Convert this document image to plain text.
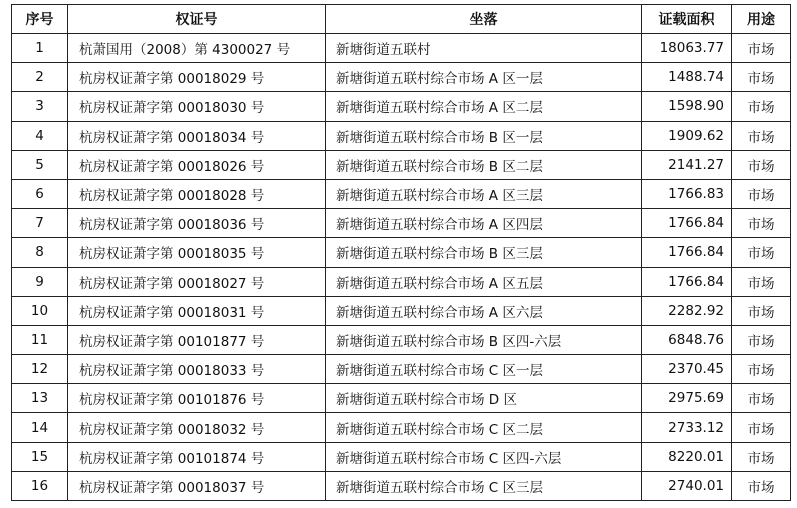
序号	权证号	坐落	证载面积	用途
1	杭萧国用（2008）第 4300027 号	新塘街道五联村	18063.77	市场
2	杭房权证萧字第 00018029 号	新塘街道五联村综合市场 A 区一层	1488.74	市场
3	杭房权证萧字第 00018030 号	新塘街道五联村综合市场 A 区二层	1598.90	市场
4	杭房权证萧字第 00018034 号	新塘街道五联村综合市场 B 区一层	1909.62	市场
5	杭房权证萧字第 00018026 号	新塘街道五联村综合市场 B 区二层	2141.27	市场
6	杭房权证萧字第 00018028 号	新塘街道五联村综合市场 A 区三层	1766.83	市场
7	杭房权证萧字第 00018036 号	新塘街道五联村综合市场 A 区四层	1766.84	市场
8	杭房权证萧字第 00018035 号	新塘街道五联村综合市场 B 区三层	1766.84	市场
9	杭房权证萧字第 00018027 号	新塘街道五联村综合市场 A 区五层	1766.84	市场
10	杭房权证萧字第 00018031 号	新塘街道五联村综合市场 A 区六层	2282.92	市场
11	杭房权证萧字第 00101877 号	新塘街道五联村综合市场 B 区四-六层	6848.76	市场
12	杭房权证萧字第 00018033 号	新塘街道五联村综合市场 C 区一层	2370.45	市场
13	杭房权证萧字第 00101876 号	新塘街道五联村综合市场 D 区	2975.69	市场
14	杭房权证萧字第 00018032 号	新塘街道五联村综合市场 C 区二层	2733.12	市场
15	杭房权证萧字第 00101874 号	新塘街道五联村综合市场 C 区四-六层	8220.01	市场
16	杭房权证萧字第 00018037 号	新塘街道五联村综合市场 C 区三层	2740.01	市场
